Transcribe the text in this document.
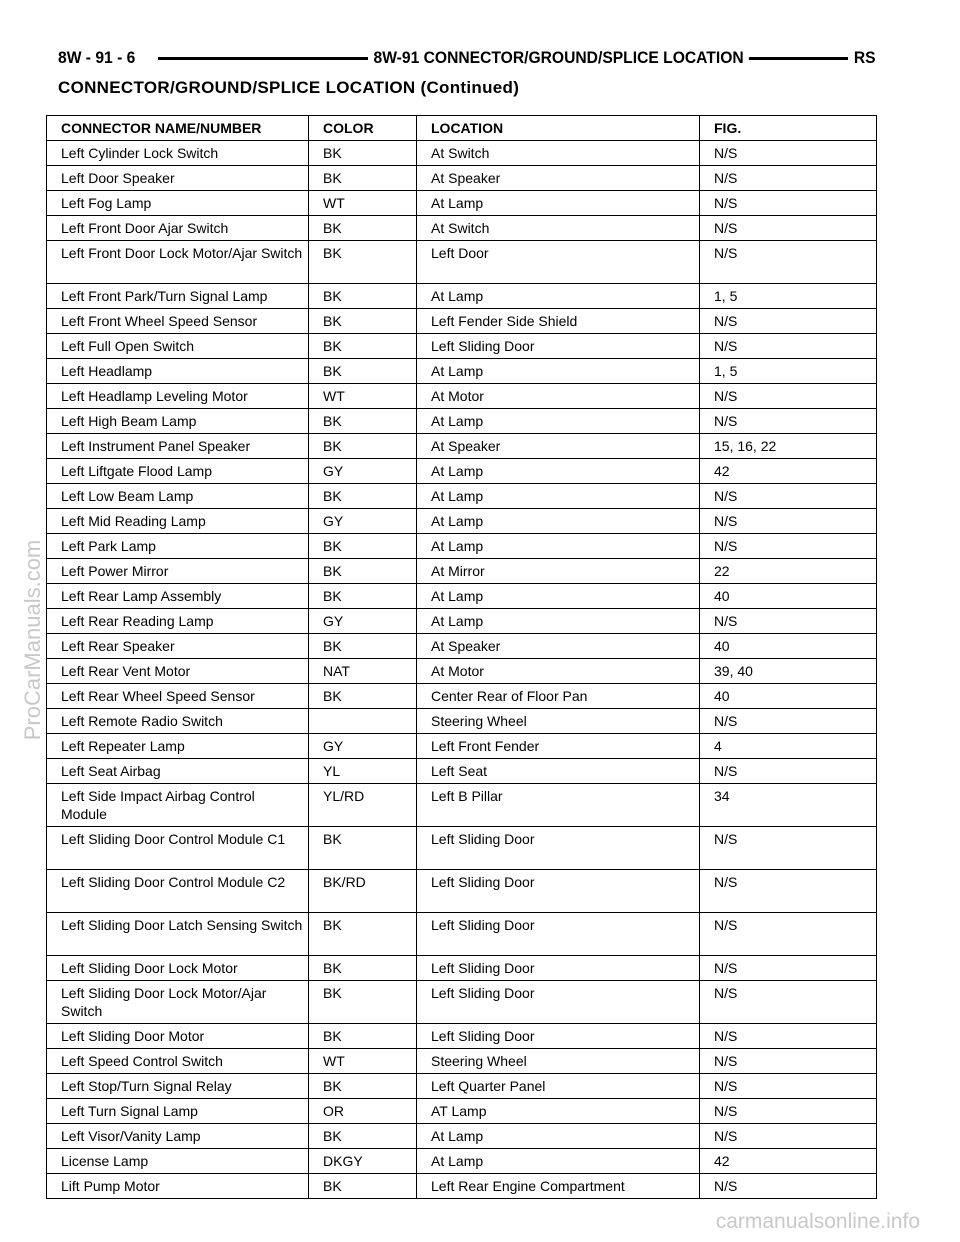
8W - 91 - 6	8W-91 CONNECTOR/GROUND/SPLICE LOCATION	RS
CONNECTOR/GROUND/SPLICE LOCATION (Continued)
CONNECTOR NAME/NUMBER	COLOR	LOCATION	FIG.
Left Cylinder Lock Switch	BK	At Switch	N/S
Left Door Speaker	BK	At Speaker	N/S
Left Fog Lamp	WT	At Lamp	N/S
Left Front Door Ajar Switch	BK	At Switch	N/S
Left Front Door Lock Motor/Ajar Switch	BK	Left Door	N/S
Left Front Park/Turn Signal Lamp	BK	At Lamp	1, 5
Left Front Wheel Speed Sensor	BK	Left Fender Side Shield	N/S
Left Full Open Switch	BK	Left Sliding Door	N/S
Left Headlamp	BK	At Lamp	1, 5
Left Headlamp Leveling Motor	WT	At Motor	N/S
Left High Beam Lamp	BK	At Lamp	N/S
Left Instrument Panel Speaker	BK	At Speaker	15, 16, 22
Left Liftgate Flood Lamp	GY	At Lamp	42
Left Low Beam Lamp	BK	At Lamp	N/S
Left Mid Reading Lamp	GY	At Lamp	N/S
Left Park Lamp	BK	At Lamp	N/S
Left Power Mirror	BK	At Mirror	22
Left Rear Lamp Assembly	BK	At Lamp	40
Left Rear Reading Lamp	GY	At Lamp	N/S
Left Rear Speaker	BK	At Speaker	40
Left Rear Vent Motor	NAT	At Motor	39, 40
Left Rear Wheel Speed Sensor	BK	Center Rear of Floor Pan	40
Left Remote Radio Switch		Steering Wheel	N/S
Left Repeater Lamp	GY	Left Front Fender	4
Left Seat Airbag	YL	Left Seat	N/S
Left Side Impact Airbag Control Module	YL/RD	Left B Pillar	34
Left Sliding Door Control Module C1	BK	Left Sliding Door	N/S
Left Sliding Door Control Module C2	BK/RD	Left Sliding Door	N/S
Left Sliding Door Latch Sensing Switch	BK	Left Sliding Door	N/S
Left Sliding Door Lock Motor	BK	Left Sliding Door	N/S
Left Sliding Door Lock Motor/Ajar Switch	BK	Left Sliding Door	N/S
Left Sliding Door Motor	BK	Left Sliding Door	N/S
Left Speed Control Switch	WT	Steering Wheel	N/S
Left Stop/Turn Signal Relay	BK	Left Quarter Panel	N/S
Left Turn Signal Lamp	OR	AT Lamp	N/S
Left Visor/Vanity Lamp	BK	At Lamp	N/S
License Lamp	DKGY	At Lamp	42
Lift Pump Motor	BK	Left Rear Engine Compartment	N/S
ProCarManuals.com
carmanualsonline.info
